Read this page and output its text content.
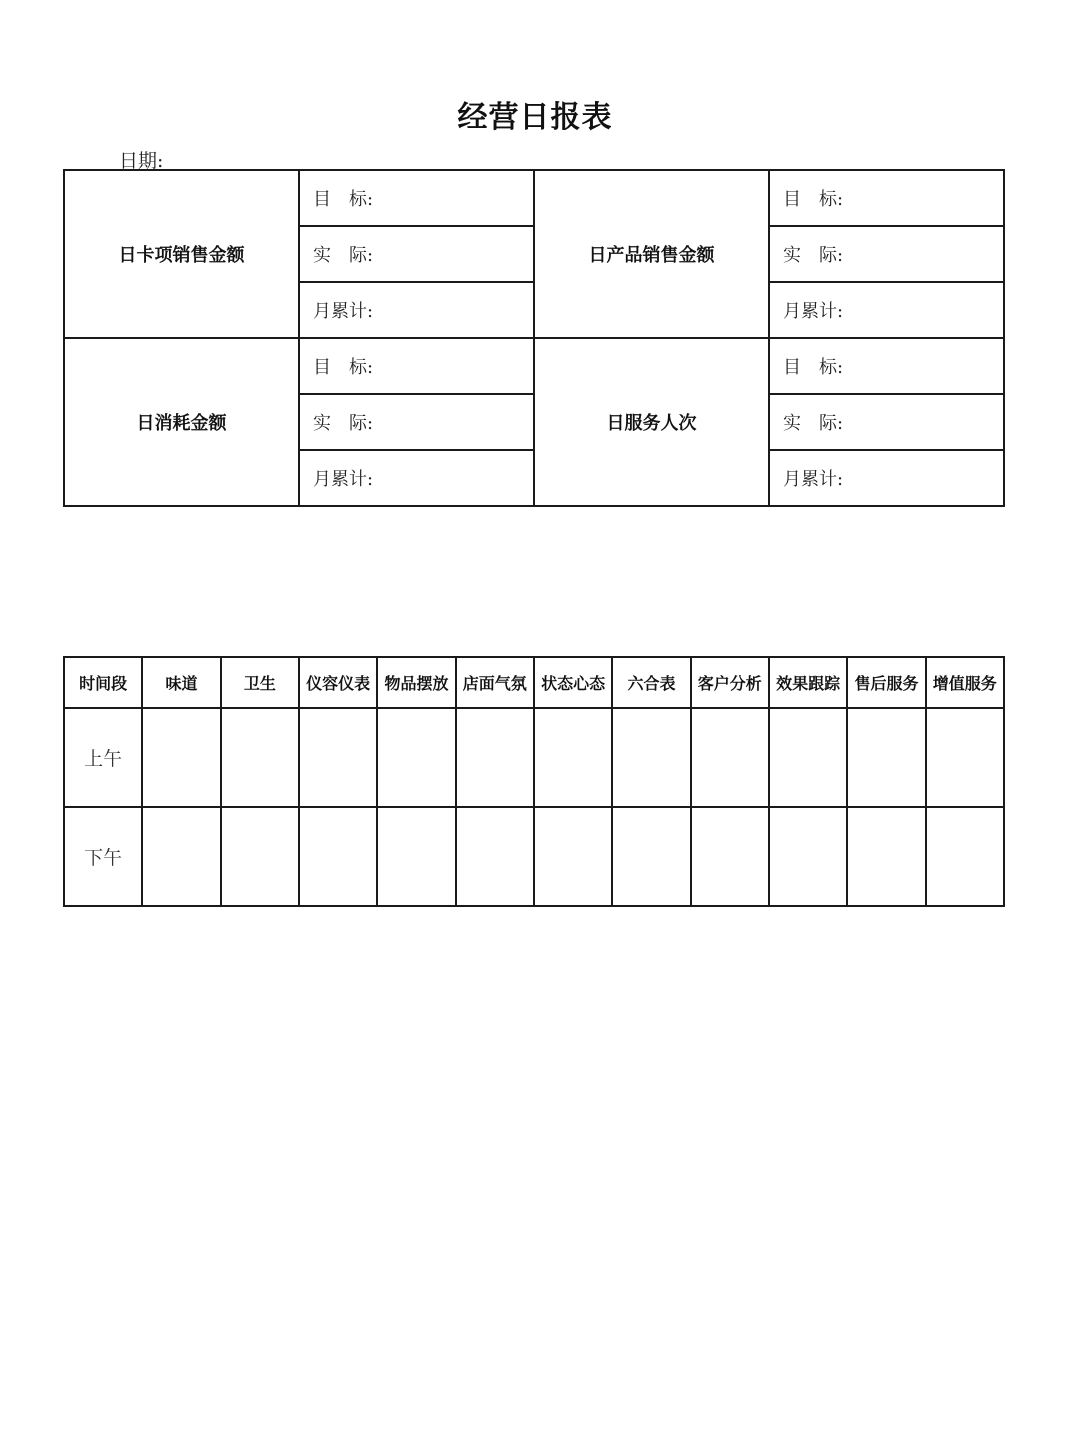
经营日报表
日期:
日卡项销售金额	目　标:	日产品销售金额	目　标:
	实　际:		实　际:
	月累计:		月累计:
日消耗金额	目　标:	日服务人次	目　标:
	实　际:		实　际:
	月累计:		月累计:
时间段	味道	卫生	仪容仪表	物品摆放	店面气氛	状态心态	六合表	客户分析	效果跟踪	售后服务	增值服务
上午											
下午											
